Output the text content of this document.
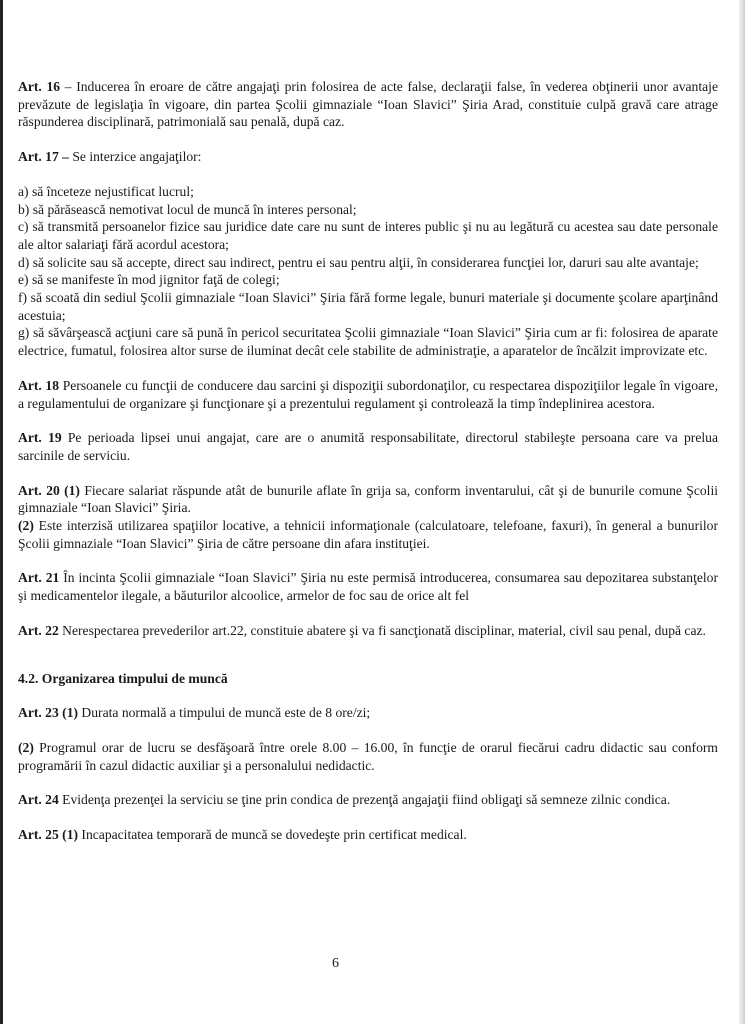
Art. 16 – Inducerea în eroare de către angajaţi prin folosirea de acte false, declaraţii false, în vederea obţinerii unor avantaje prevăzute de legislaţia în vigoare, din partea Şcolii gimnaziale “Ioan Slavici” Şiria Arad, constituie culpă gravă care atrage răspunderea disciplinară, patrimonială sau penală, după caz.

Art. 17 – Se interzice angajaţilor:

a) să înceteze nejustificat lucrul;

b) să părăsească nemotivat locul de muncă în interes personal;

c) să transmită persoanelor fizice sau juridice date care nu sunt de interes public şi nu au legătură cu acestea sau date personale ale altor salariaţi fără acordul acestora;

d) să solicite sau să accepte, direct sau indirect, pentru ei sau pentru alţii, în considerarea funcţiei lor, daruri sau alte avantaje;

e) să se manifeste în mod jignitor faţă de colegi;

f) să scoată din sediul Şcolii gimnaziale “Ioan Slavici” Şiria fără forme legale, bunuri materiale şi documente şcolare aparţinând acestuia;

g) să săvârşească acţiuni care să pună în pericol securitatea Şcolii gimnaziale “Ioan Slavici” Şiria cum ar fi: folosirea de aparate electrice, fumatul, folosirea altor surse de iluminat decât cele stabilite de administraţie, a aparatelor de încălzit improvizate etc.

Art. 18 Persoanele cu funcţii de conducere dau sarcini şi dispoziţii subordonaţilor, cu respectarea dispoziţiilor legale în vigoare, a regulamentului de organizare şi funcţionare şi a prezentului regulament şi controlează la timp îndeplinirea acestora.

Art. 19 Pe perioada lipsei unui angajat, care are o anumită responsabilitate, directorul stabileşte persoana care va prelua sarcinile de serviciu.

Art. 20 (1) Fiecare salariat răspunde atât de bunurile aflate în grija sa, conform inventarului, cât şi de bunurile comune Şcolii gimnaziale “Ioan Slavici” Şiria.

(2) Este interzisă utilizarea spaţiilor locative, a tehnicii informaţionale (calculatoare, telefoane, faxuri), în general a bunurilor Şcolii gimnaziale “Ioan Slavici” Şiria de către persoane din afara instituţiei.

Art. 21 În incinta Şcolii gimnaziale “Ioan Slavici” Şiria nu este permisă introducerea, consumarea sau depozitarea substanţelor şi medicamentelor ilegale, a băuturilor alcoolice, armelor de foc sau de orice alt fel

Art. 22 Nerespectarea prevederilor art.22, constituie abatere şi va fi sancţionată disciplinar, material, civil sau penal, după caz.

4.2. Organizarea timpului de muncă

Art. 23 (1) Durata normală a timpului de muncă este de 8 ore/zi;

(2) Programul orar de lucru se desfăşoară între orele 8.00 – 16.00, în funcţie de orarul fiecărui cadru didactic sau conform programării în cazul didactic auxiliar şi a personalului nedidactic.

Art. 24 Evidenţa prezenţei la serviciu se ţine prin condica de prezenţă angajaţii fiind obligaţi să semneze zilnic condica.

Art. 25 (1) Incapacitatea temporară de muncă se dovedeşte prin certificat medical.

6
